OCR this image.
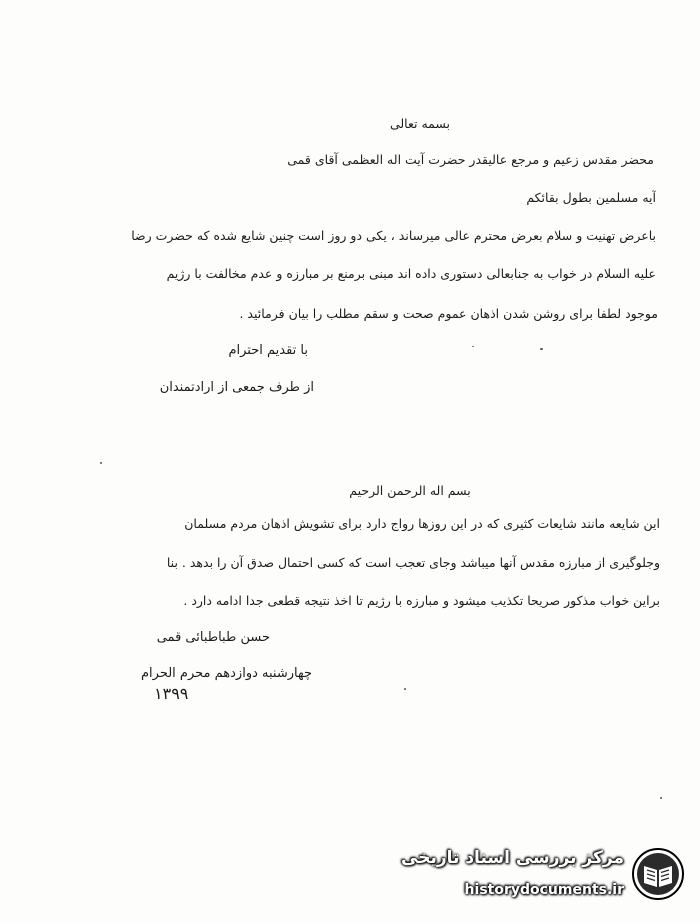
بسمه تعالی
محضر مقدس زعیم و مرجع عالیقدر حضرت آیت اله العظمی آقای قمی
آیه مسلمین بطول بقائکم
باعرض تهنیت و سلام بعرض محترم عالی میرساند ، یکی دو روز است چنین شایع شده که حضرت رضا
علیه السلام در خواب به جنابعالی دستوری داده اند مبنی برمنع بر مبارزه و عدم مخالفت با رژیم
موجود لطفا برای روشن شدن اذهان عموم صحت و سقم مطلب را بیان فرمائید .
با تقدیم احترام
از طرف جمعی از ارادتمندان
بسم اله الرحمن الرحیم
این شایعه مانند شایعات کثیری که در این روزها رواج دارد برای تشویش اذهان مردم مسلمان
وجلوگیری از مبارزه مقدس آنها میباشد وجای تعجب است که کسی احتمال صدق آن را بدهد . بنا
براین خواب مذکور صریحا تکذیب میشود و مبارزه با رژیم تا اخذ نتیجه قطعی جدا ادامه دارد .
حسن طباطبائی قمی
چهارشنبه دوازدهم محرم الحرام
۱۳۹۹
مرکز بررسی اسناد تاریخی
historydocuments.ir
